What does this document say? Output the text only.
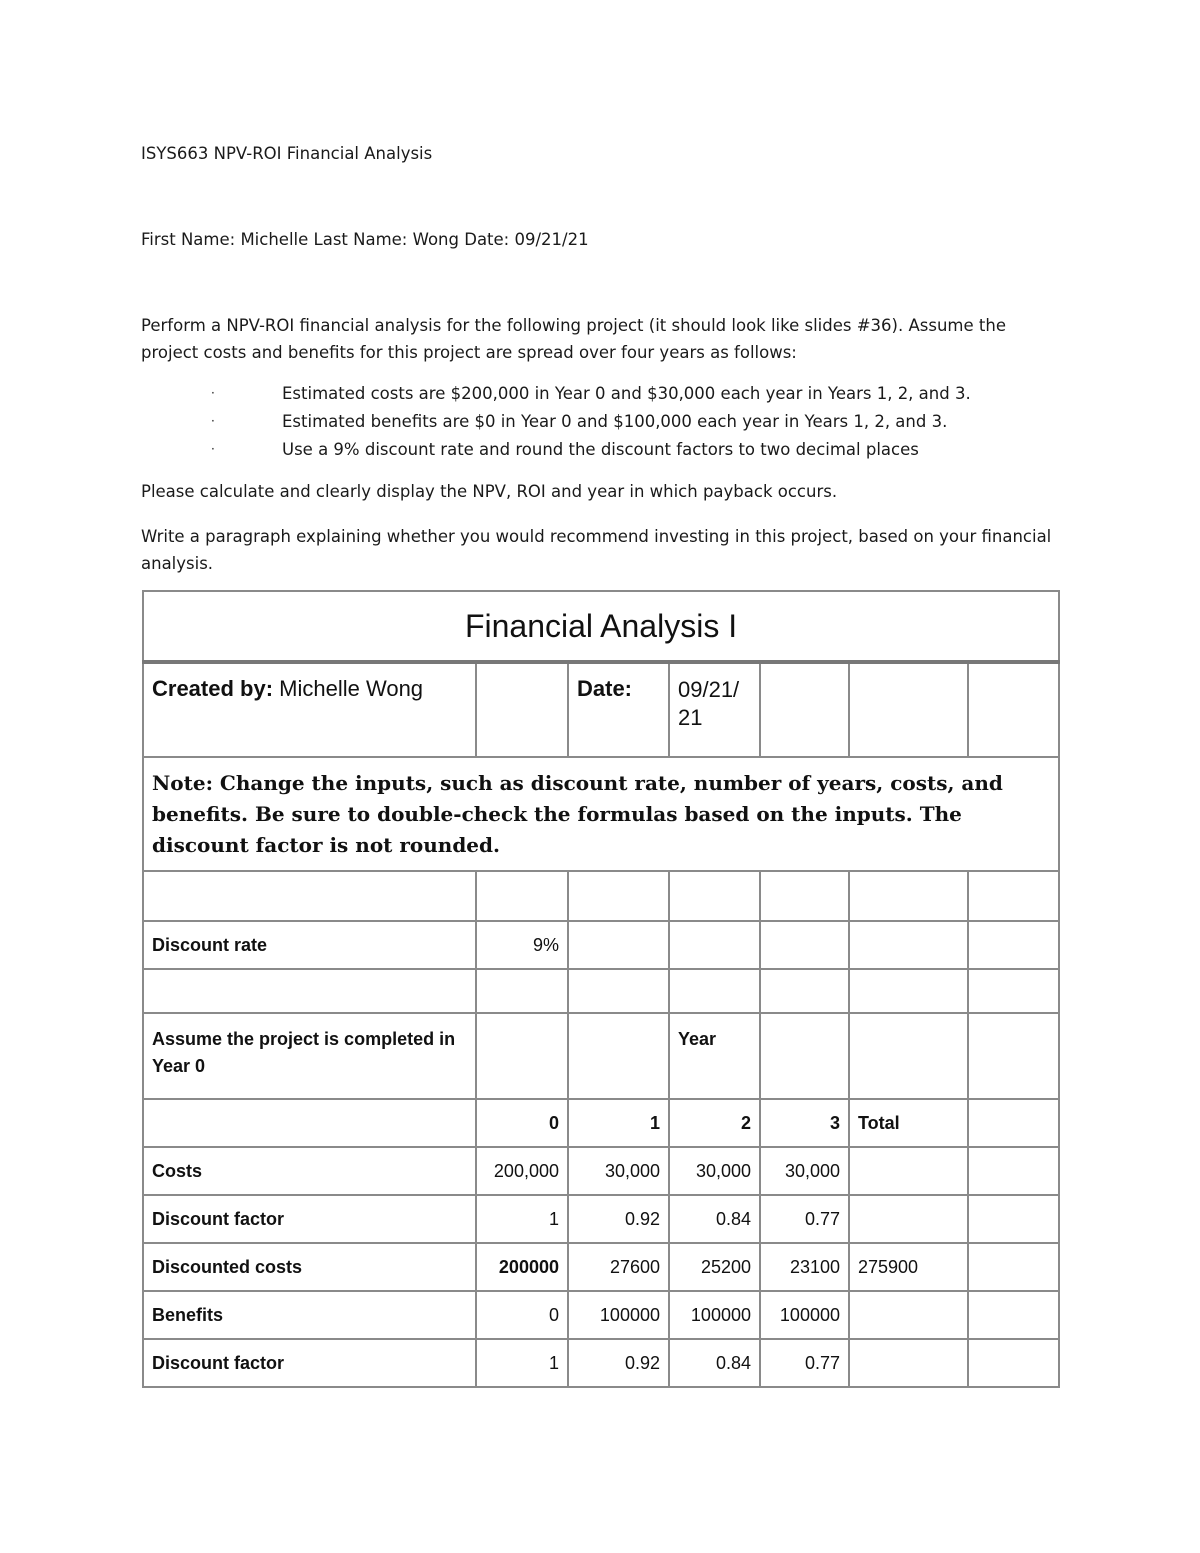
ISYS663 NPV-ROI Financial Analysis
First Name: Michelle Last Name: Wong Date: 09/21/21
Perform a NPV-ROI financial analysis for the following project (it should look like slides #36). Assume the project costs and benefits for this project are spread over four years as follows:
·	Estimated costs are $200,000 in Year 0 and $30,000 each year in Years 1, 2, and 3.
·	Estimated benefits are $0 in Year 0 and $100,000 each year in Years 1, 2, and 3.
·	Use a 9% discount rate and round the discount factors to two decimal places
Please calculate and clearly display the NPV, ROI and year in which payback occurs.
Write a paragraph explaining whether you would recommend investing in this project, based on your financial analysis.
Financial Analysis I						
Created by: Michelle Wong		Date:	09/21/ 21			
Note: Change the inputs, such as discount rate, number of years, costs, and benefits. Be sure to double-check the formulas based on the inputs. The discount factor is not rounded.						

Discount rate	9%					

Assume the project is completed in Year 0			Year			
	0	1	2	3	Total	
Costs	200,000	30,000	30,000	30,000		
Discount factor	1	0.92	0.84	0.77		
Discounted costs	200000	27600	25200	23100	275900	
Benefits	0	100000	100000	100000		
Discount factor	1	0.92	0.84	0.77		
